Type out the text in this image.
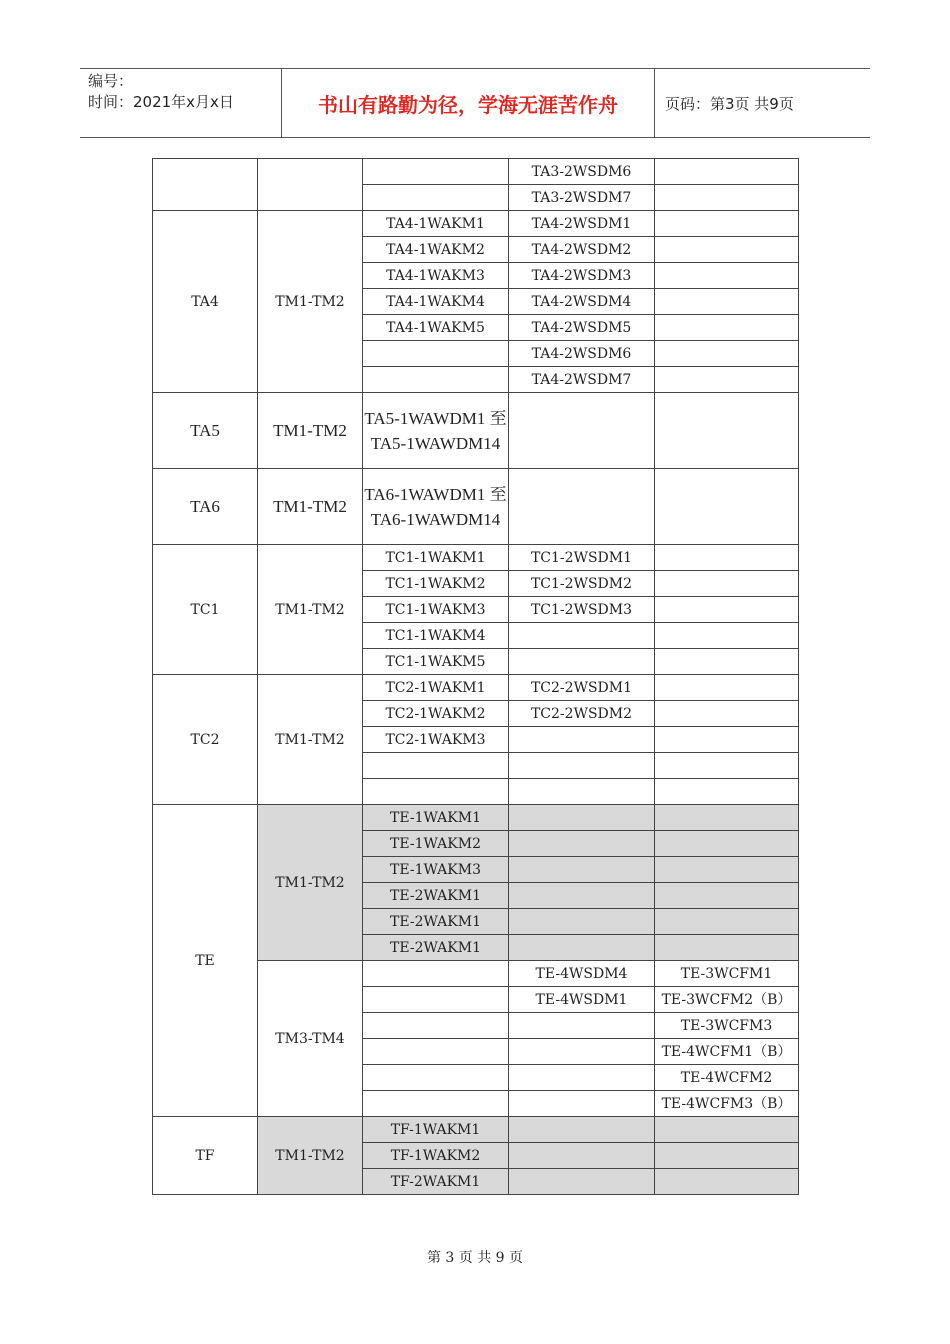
编号：
时间：2021年x月x日	书山有路勤为径，学海无涯苦作舟	页码：第3页 共9页
			TA3-2WSDM6	
			TA3-2WSDM7	
TA4	TM1-TM2	TA4-1WAKM1	TA4-2WSDM1	
		TA4-1WAKM2	TA4-2WSDM2	
		TA4-1WAKM3	TA4-2WSDM3	
		TA4-1WAKM4	TA4-2WSDM4	
		TA4-1WAKM5	TA4-2WSDM5	
			TA4-2WSDM6	
			TA4-2WSDM7	
TA5	TM1-TM2	TA5-1WAWDM1 至 TA5-1WAWDM14		
TA6	TM1-TM2	TA6-1WAWDM1 至 TA6-1WAWDM14		
TC1	TM1-TM2	TC1-1WAKM1	TC1-2WSDM1	
		TC1-1WAKM2	TC1-2WSDM2	
		TC1-1WAKM3	TC1-2WSDM3	
		TC1-1WAKM4		
		TC1-1WAKM5		
TC2	TM1-TM2	TC2-1WAKM1	TC2-2WSDM1	
		TC2-1WAKM2	TC2-2WSDM2	
		TC2-1WAKM3		

TE	TM1-TM2	TE-1WAKM1		
		TE-1WAKM2		
		TE-1WAKM3		
		TE-2WAKM1		
		TE-2WAKM1		
		TE-2WAKM1		
	TM3-TM4		TE-4WSDM4	TE-3WCFM1
			TE-4WSDM1	TE-3WCFM2（B）
				TE-3WCFM3
				TE-4WCFM1（B）
				TE-4WCFM2
				TE-4WCFM3（B）
TF	TM1-TM2	TF-1WAKM1		
		TF-1WAKM2		
		TF-2WAKM1		
第 3 页 共 9 页
